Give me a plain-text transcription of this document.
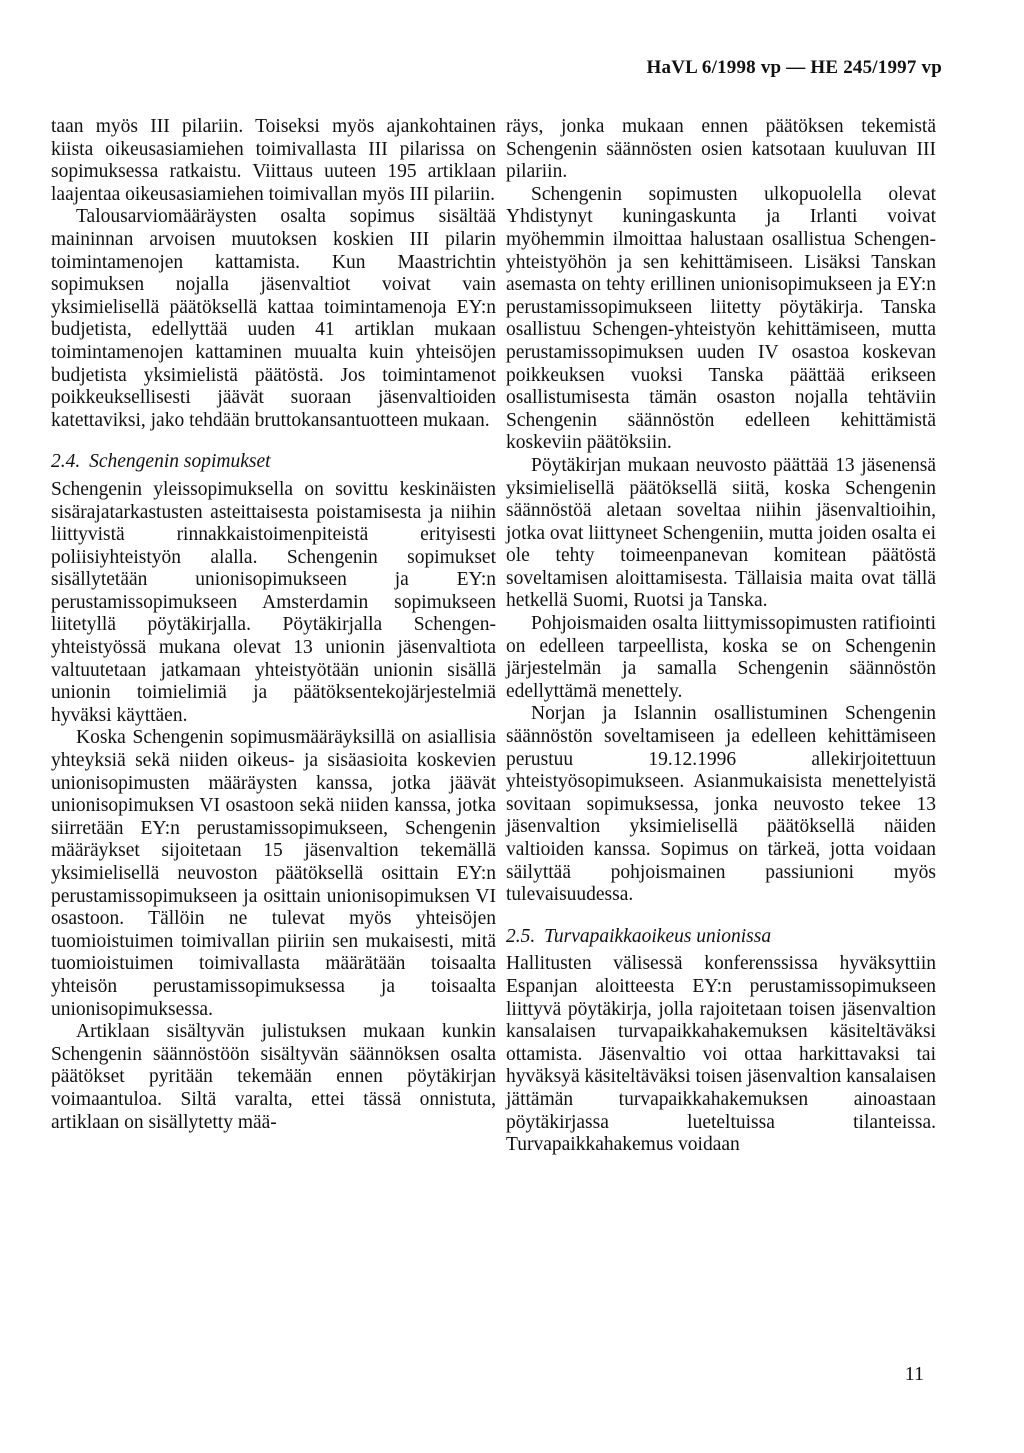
HaVL 6/1998 vp — HE 245/1997 vp

taan myös III pilariin. Toiseksi myös ajankohtainen kiista oikeusasiamiehen toimivallasta III pilarissa on sopimuksessa ratkaistu. Viittaus uuteen 195 artiklaan laajentaa oikeusasiamiehen toimivallan myös III pilariin.

Talousarviomääräysten osalta sopimus sisältää maininnan arvoisen muutoksen koskien III pilarin toimintamenojen kattamista. Kun Maastrichtin sopimuksen nojalla jäsenvaltiot voivat vain yksimielisellä päätöksellä kattaa toimintamenoja EY:n budjetista, edellyttää uuden 41 artiklan mukaan toimintamenojen kattaminen muualta kuin yhteisöjen budjetista yksimielistä päätöstä. Jos toimintamenot poikkeuksellisesti jäävät suoraan jäsenvaltioiden katettaviksi, jako tehdään bruttokansantuotteen mukaan.

2.4. Schengenin sopimukset

Schengenin yleissopimuksella on sovittu keskinäisten sisärajatarkastusten asteittaisesta poistamisesta ja niihin liittyvistä rinnakkaistoimenpiteistä erityisesti poliisiyhteistyön alalla. Schengenin sopimukset sisällytetään unionisopimukseen ja EY:n perustamissopimukseen Amsterdamin sopimukseen liitetyllä pöytäkirjalla. Pöytäkirjalla Schengen-yhteistyössä mukana olevat 13 unionin jäsenvaltiota valtuutetaan jatkamaan yhteistyötään unionin sisällä unionin toimielimiä ja päätöksentekojärjestelmiä hyväksi käyttäen.

Koska Schengenin sopimusmääräyksillä on asiallisia yhteyksiä sekä niiden oikeus- ja sisäasioita koskevien unionisopimusten määräysten kanssa, jotka jäävät unionisopimuksen VI osastoon sekä niiden kanssa, jotka siirretään EY:n perustamissopimukseen, Schengenin määräykset sijoitetaan 15 jäsenvaltion tekemällä yksimielisellä neuvoston päätöksellä osittain EY:n perustamissopimukseen ja osittain unionisopimuksen VI osastoon. Tällöin ne tulevat myös yhteisöjen tuomioistuimen toimivallan piiriin sen mukaisesti, mitä tuomioistuimen toimivallasta määrätään toisaalta yhteisön perustamissopimuksessa ja toisaalta unionisopimuksessa.

Artiklaan sisältyvän julistuksen mukaan kunkin Schengenin säännöstöön sisältyvän säännöksen osalta päätökset pyritään tekemään ennen pöytäkirjan voimaantuloa. Siltä varalta, ettei tässä onnistuta, artiklaan on sisällytetty mää-

räys, jonka mukaan ennen päätöksen tekemistä Schengenin säännösten osien katsotaan kuuluvan III pilariin.

Schengenin sopimusten ulkopuolella olevat Yhdistynyt kuningaskunta ja Irlanti voivat myöhemmin ilmoittaa halustaan osallistua Schengen-yhteistyöhön ja sen kehittämiseen. Lisäksi Tanskan asemasta on tehty erillinen unionisopimukseen ja EY:n perustamissopimukseen liitetty pöytäkirja. Tanska osallistuu Schengen-yhteistyön kehittämiseen, mutta perustamissopimuksen uuden IV osastoa koskevan poikkeuksen vuoksi Tanska päättää erikseen osallistumisesta tämän osaston nojalla tehtäviin Schengenin säännöstön edelleen kehittämistä koskeviin päätöksiin.

Pöytäkirjan mukaan neuvosto päättää 13 jäsenensä yksimielisellä päätöksellä siitä, koska Schengenin säännöstöä aletaan soveltaa niihin jäsenvaltioihin, jotka ovat liittyneet Schengeniin, mutta joiden osalta ei ole tehty toimeenpanevan komitean päätöstä soveltamisen aloittamisesta. Tällaisia maita ovat tällä hetkellä Suomi, Ruotsi ja Tanska.

Pohjoismaiden osalta liittymissopimusten ratifiointi on edelleen tarpeellista, koska se on Schengenin järjestelmän ja samalla Schengenin säännöstön edellyttämä menettely.

Norjan ja Islannin osallistuminen Schengenin säännöstön soveltamiseen ja edelleen kehittämiseen perustuu 19.12.1996 allekirjoitettuun yhteistyösopimukseen. Asianmukaisista menettelyistä sovitaan sopimuksessa, jonka neuvosto tekee 13 jäsenvaltion yksimielisellä päätöksellä näiden valtioiden kanssa. Sopimus on tärkeä, jotta voidaan säilyttää pohjoismainen passiunioni myös tulevaisuudessa.

2.5. Turvapaikkaoikeus unionissa

Hallitusten välisessä konferenssissa hyväksyttiin Espanjan aloitteesta EY:n perustamissopimukseen liittyvä pöytäkirja, jolla rajoitetaan toisen jäsenvaltion kansalaisen turvapaikkahakemuksen käsiteltäväksi ottamista. Jäsenvaltio voi ottaa harkittavaksi tai hyväksyä käsiteltäväksi toisen jäsenvaltion kansalaisen jättämän turvapaikkahakemuksen ainoastaan pöytäkirjassa lueteltuissa tilanteissa. Turvapaikkahakemus voidaan

11
